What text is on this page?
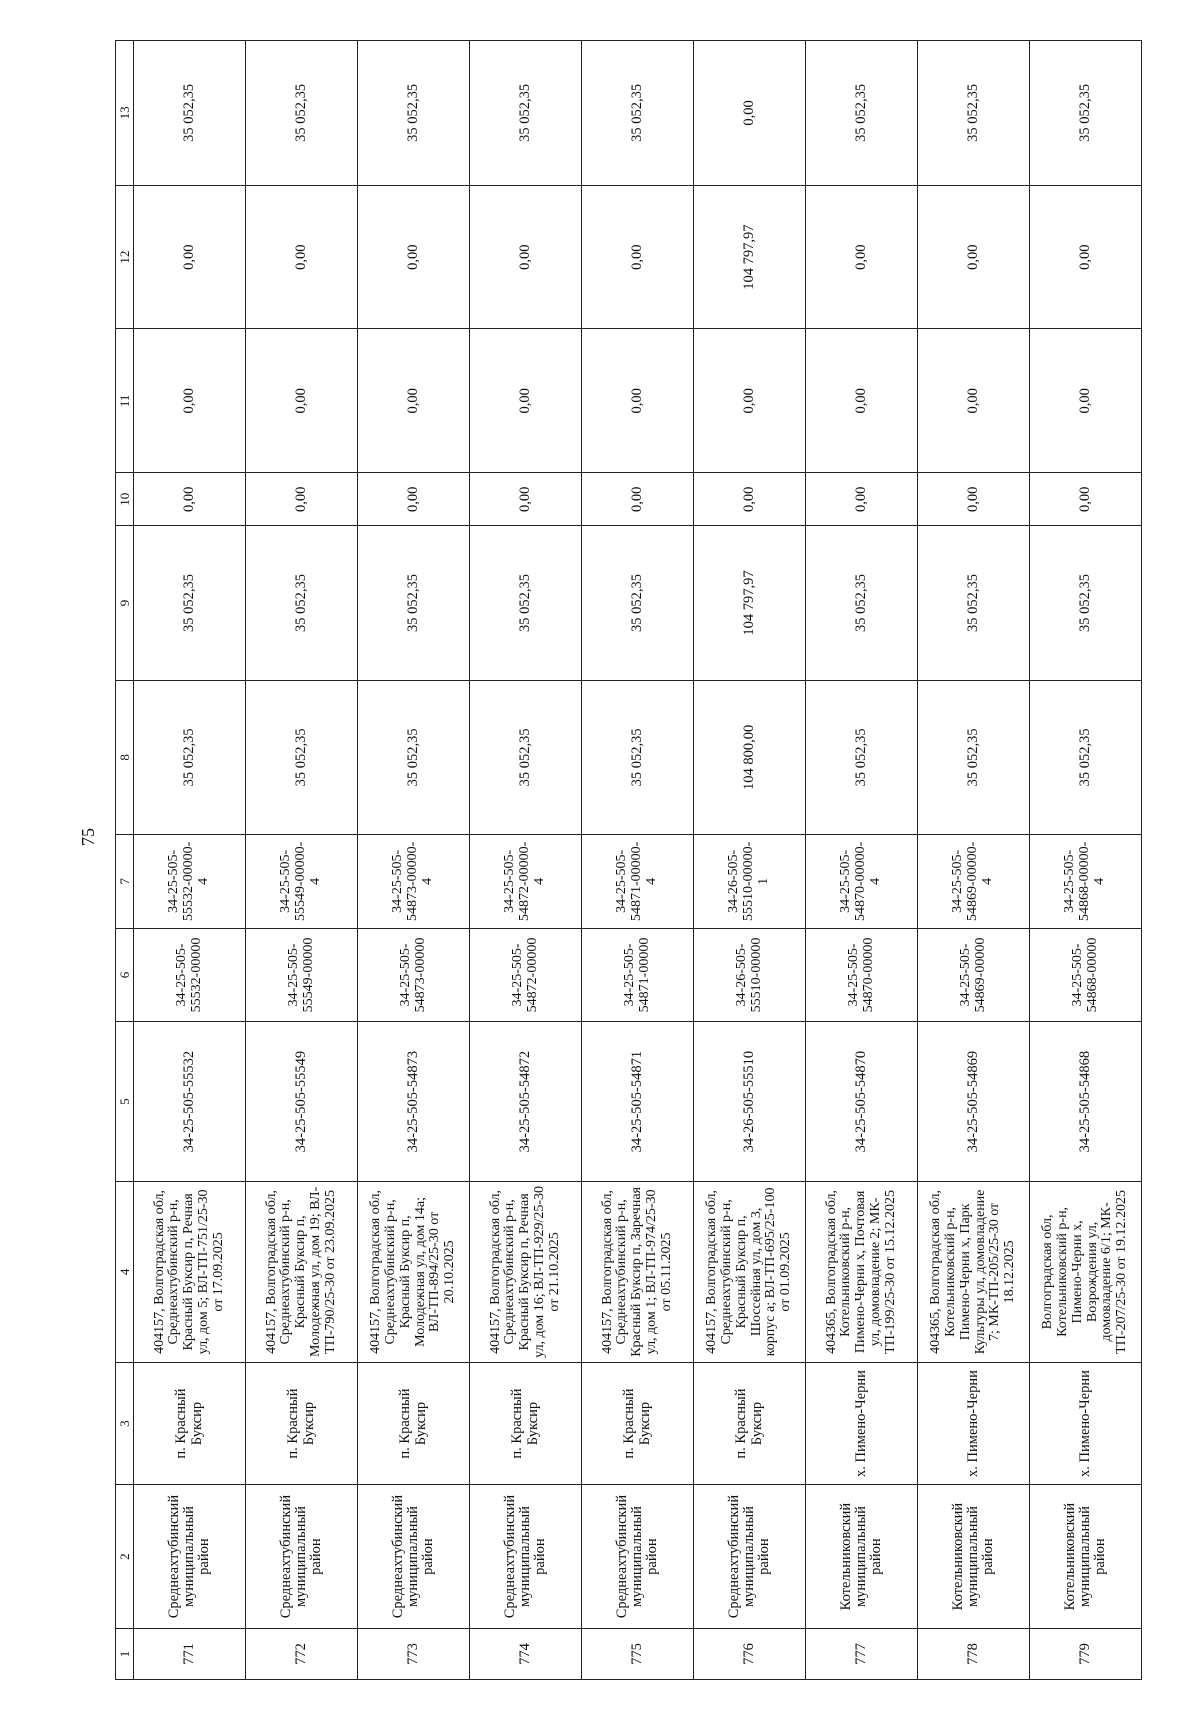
75
1	2	3	4	5	6	7	8	9	10	11	12	13
771	Среднеахтубинский муниципальный район	п. Красный Буксир	404157, Волгоградская обл, Среднеахтубинский р-н, Красный Буксир п, Речная ул, дом 5; ВЛ-ТП-751/25-30 от 17.09.2025	34-25-505-55532	34-25-505-55532-00000	34-25-505-55532-00000-4	35 052,35	35 052,35	0,00	0,00	0,00	35 052,35
772	Среднеахтубинский муниципальный район	п. Красный Буксир	404157, Волгоградская обл, Среднеахтубинский р-н, Красный Буксир п, Молодежная ул, дом 19; ВЛ-ТП-790/25-30 от 23.09.2025	34-25-505-55549	34-25-505-55549-00000	34-25-505-55549-00000-4	35 052,35	35 052,35	0,00	0,00	0,00	35 052,35
773	Среднеахтубинский муниципальный район	п. Красный Буксир	404157, Волгоградская обл, Среднеахтубинский р-н, Красный Буксир п, Молодежная ул, дом 14а; ВЛ-ТП-894/25-30 от 20.10.2025	34-25-505-54873	34-25-505-54873-00000	34-25-505-54873-00000-4	35 052,35	35 052,35	0,00	0,00	0,00	35 052,35
774	Среднеахтубинский муниципальный район	п. Красный Буксир	404157, Волгоградская обл, Среднеахтубинский р-н, Красный Буксир п, Речная ул, дом 16; ВЛ-ТП-929/25-30 от 21.10.2025	34-25-505-54872	34-25-505-54872-00000	34-25-505-54872-00000-4	35 052,35	35 052,35	0,00	0,00	0,00	35 052,35
775	Среднеахтубинский муниципальный район	п. Красный Буксир	404157, Волгоградская обл, Среднеахтубинский р-н, Красный Буксир п, Заречная ул, дом 1; ВЛ-ТП-974/25-30 от 05.11.2025	34-25-505-54871	34-25-505-54871-00000	34-25-505-54871-00000-4	35 052,35	35 052,35	0,00	0,00	0,00	35 052,35
776	Среднеахтубинский муниципальный район	п. Красный Буксир	404157, Волгоградская обл, Среднеахтубинский р-н, Красный Буксир п, Шоссейная ул, дом 3, корпус а; ВЛ-ТП-695/25-100 от 01.09.2025	34-26-505-55510	34-26-505-55510-00000	34-26-505-55510-00000-1	104 800,00	104 797,97	0,00	0,00	104 797,97	0,00
777	Котельниковский муниципальный район	х. Пимено-Черни	404365, Волгоградская обл, Котельниковский р-н, Пимено-Черни х, Почтовая ул, домовладение 2; МК-ТП-199/25-30 от 15.12.2025	34-25-505-54870	34-25-505-54870-00000	34-25-505-54870-00000-4	35 052,35	35 052,35	0,00	0,00	0,00	35 052,35
778	Котельниковский муниципальный район	х. Пимено-Черни	404365, Волгоградская обл, Котельниковский р-н, Пимено-Черни х, Парк Культуры ул, домовладение 7; МК-ТП-205/25-30 от 18.12.2025	34-25-505-54869	34-25-505-54869-00000	34-25-505-54869-00000-4	35 052,35	35 052,35	0,00	0,00	0,00	35 052,35
779	Котельниковский муниципальный район	х. Пимено-Черни	Волгоградская обл, Котельниковский р-н, Пимено-Черни х, Возрождения ул, домовладение 6/1; МК-ТП-207/25-30 от 19.12.2025	34-25-505-54868	34-25-505-54868-00000	34-25-505-54868-00000-4	35 052,35	35 052,35	0,00	0,00	0,00	35 052,35
